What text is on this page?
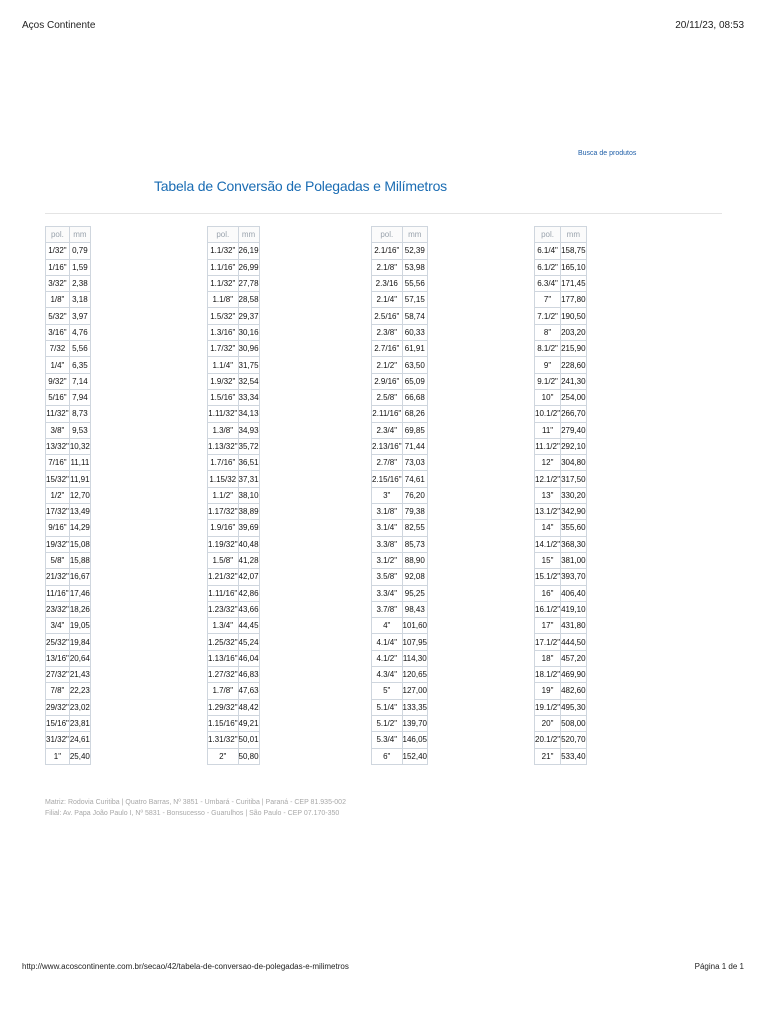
Aços Continente	20/11/23, 08:53
Busca de produtos
Tabela de Conversão de Polegadas e Milímetros
pol.	mm
1/32"	0,79
1/16"	1,59
3/32"	2,38
1/8"	3,18
5/32"	3,97
3/16"	4,76
7/32	5,56
1/4"	6,35
9/32"	7,14
5/16"	7,94
11/32"	8,73
3/8"	9,53
13/32"	10,32
7/16"	11,11
15/32"	11,91
1/2"	12,70
17/32"	13,49
9/16"	14,29
19/32"	15,08
5/8"	15,88
21/32"	16,67
11/16"	17,46
23/32"	18,26
3/4"	19,05
25/32"	19,84
13/16"	20,64
27/32"	21,43
7/8"	22,23
29/32"	23,02
15/16"	23,81
31/32"	24,61
1"	25,40
pol.	mm
1.1/32"	26,19
1.1/16"	26,99
1.1/32"	27,78
1.1/8"	28,58
1.5/32"	29,37
1.3/16"	30,16
1.7/32"	30,96
1.1/4"	31,75
1.9/32"	32,54
1.5/16"	33,34
1.11/32"	34,13
1.3/8"	34,93
1.13/32"	35,72
1.7/16"	36,51
1.15/32	37,31
1.1/2"	38,10
1.17/32"	38,89
1.9/16"	39,69
1.19/32"	40,48
1.5/8"	41,28
1.21/32"	42,07
1.11/16"	42,86
1.23/32"	43,66
1.3/4"	44,45
1.25/32"	45,24
1.13/16"	46,04
1.27/32"	46,83
1.7/8"	47,63
1.29/32"	48,42
1.15/16"	49,21
1.31/32"	50,01
2"	50,80
pol.	mm
2.1/16"	52,39
2.1/8"	53,98
2.3/16	55,56
2.1/4"	57,15
2.5/16"	58,74
2.3/8"	60,33
2.7/16"	61,91
2.1/2"	63,50
2.9/16"	65,09
2.5/8"	66,68
2.11/16"	68,26
2.3/4"	69,85
2.13/16"	71,44
2.7/8"	73,03
2.15/16"	74,61
3"	76,20
3.1/8"	79,38
3.1/4"	82,55
3.3/8"	85,73
3.1/2"	88,90
3.5/8"	92,08
3.3/4"	95,25
3.7/8"	98,43
4"	101,60
4.1/4"	107,95
4.1/2"	114,30
4.3/4"	120,65
5"	127,00
5.1/4"	133,35
5.1/2"	139,70
5.3/4"	146,05
6"	152,40
pol.	mm
6.1/4"	158,75
6.1/2"	165,10
6.3/4"	171,45
7"	177,80
7.1/2"	190,50
8"	203,20
8.1/2"	215,90
9"	228,60
9.1/2"	241,30
10"	254,00
10.1/2"	266,70
11"	279,40
11.1/2"	292,10
12"	304,80
12.1/2"	317,50
13"	330,20
13.1/2"	342,90
14"	355,60
14.1/2"	368,30
15"	381,00
15.1/2"	393,70
16"	406,40
16.1/2"	419,10
17"	431,80
17.1/2"	444,50
18"	457,20
18.1/2"	469,90
19"	482,60
19.1/2"	495,30
20"	508,00
20.1/2"	520,70
21"	533,40
Matriz: Rodovia Curitiba | Quatro Barras, Nº 3851 - Umbará - Curitiba | Paraná - CEP 81.935-002
Filial: Av. Papa João Paulo I, Nº 5831 - Bonsucesso - Guarulhos | São Paulo - CEP 07.170-350
http://www.acoscontinente.com.br/secao/42/tabela-de-conversao-de-polegadas-e-milimetros	Página 1 de 1
